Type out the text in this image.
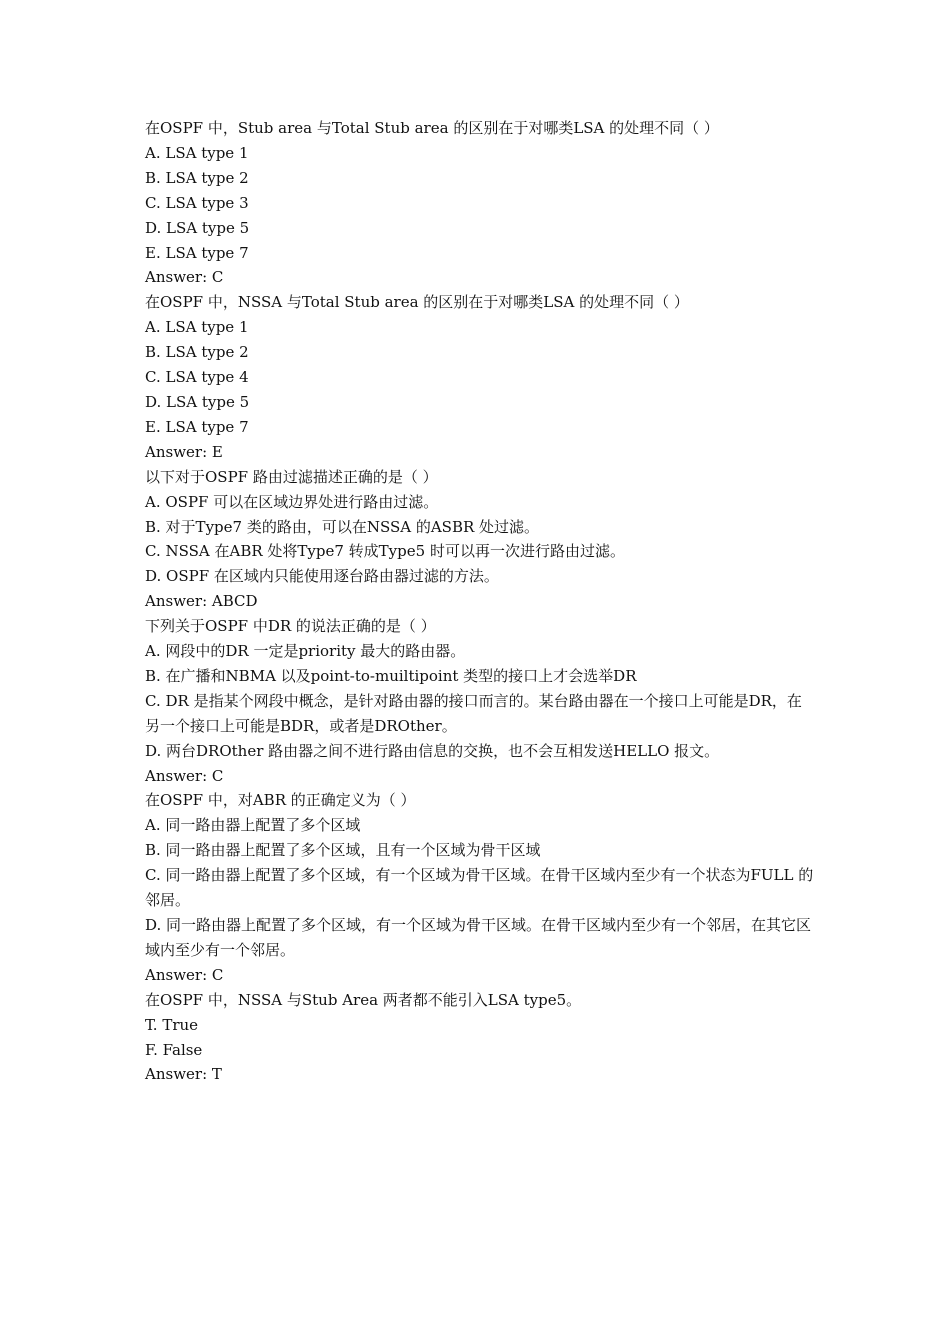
在OSPF 中，Stub area 与Total Stub area 的区别在于对哪类LSA 的处理不同（ ）
A. LSA type 1
B. LSA type 2
C. LSA type 3
D. LSA type 5
E. LSA type 7
Answer: C
在OSPF 中，NSSA 与Total Stub area 的区别在于对哪类LSA 的处理不同（ ）
A. LSA type 1
B. LSA type 2
C. LSA type 4
D. LSA type 5
E. LSA type 7
Answer: E
以下对于OSPF 路由过滤描述正确的是（ ）
A. OSPF 可以在区域边界处进行路由过滤。
B. 对于Type7 类的路由，可以在NSSA 的ASBR 处过滤。
C. NSSA 在ABR 处将Type7 转成Type5 时可以再一次进行路由过滤。
D. OSPF 在区域内只能使用逐台路由器过滤的方法。
Answer: ABCD
下列关于OSPF 中DR 的说法正确的是（ ）
A. 网段中的DR 一定是priority 最大的路由器。
B. 在广播和NBMA 以及point-to-muiltipoint 类型的接口上才会选举DR
C. DR 是指某个网段中概念，是针对路由器的接口而言的。某台路由器在一个接口上可能是DR，在另一个接口上可能是BDR，或者是DROther。
D. 两台DROther 路由器之间不进行路由信息的交换，也不会互相发送HELLO 报文。
Answer: C
在OSPF 中，对ABR 的正确定义为（ ）
A. 同一路由器上配置了多个区域
B. 同一路由器上配置了多个区域，且有一个区域为骨干区域
C. 同一路由器上配置了多个区域，有一个区域为骨干区域。在骨干区域内至少有一个状态为FULL 的邻居。
D. 同一路由器上配置了多个区域，有一个区域为骨干区域。在骨干区域内至少有一个邻居，在其它区域内至少有一个邻居。
Answer: C
在OSPF 中，NSSA 与Stub Area 两者都不能引入LSA type5。
T. True
F. False
Answer: T
